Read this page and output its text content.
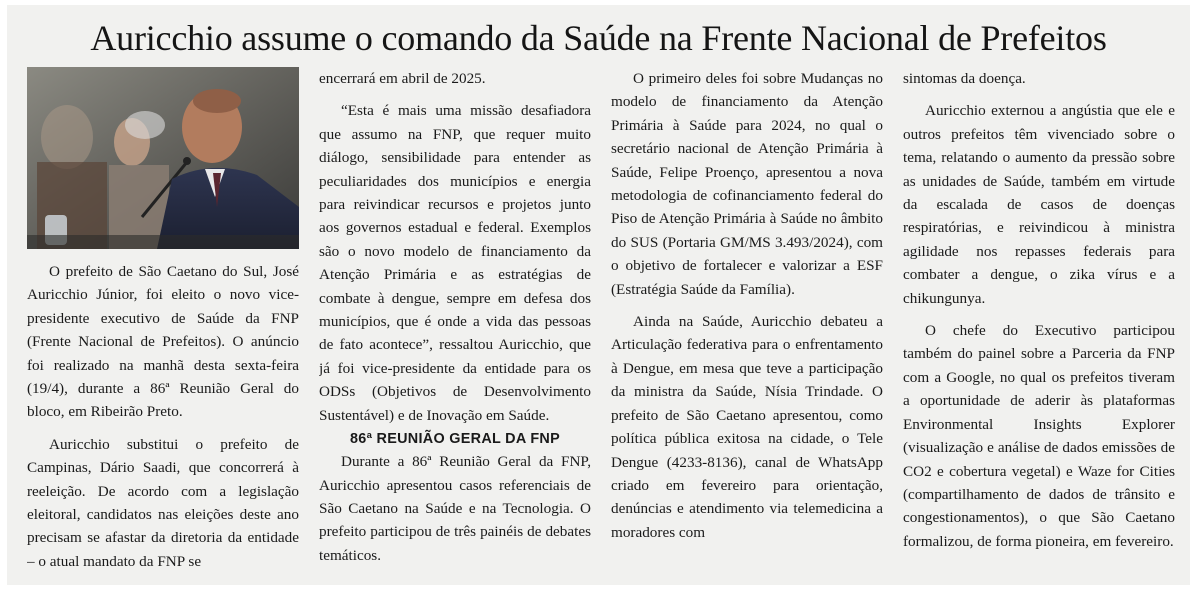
Auricchio assume o comando da Saúde na Frente Nacional de Prefeitos

O prefeito de São Caetano do Sul, José Auricchio Júnior, foi eleito o novo vice-presidente executivo de Saúde da FNP (Frente Nacional de Prefeitos). O anúncio foi realizado na manhã desta sexta-feira (19/4), durante a 86ª Reunião Geral do bloco, em Ribeirão Preto.

Auricchio substitui o prefeito de Campinas, Dário Saadi, que concorrerá à reeleição. De acordo com a legislação eleitoral, candidatos nas eleições deste ano precisam se afastar da diretoria da entidade – o atual mandato da FNP se

encerrará em abril de 2025.

“Esta é mais uma missão desafiadora que assumo na FNP, que requer muito diálogo, sensibilidade para entender as peculiaridades dos municípios e energia para reivindicar recursos e projetos junto aos governos estadual e federal. Exemplos são o novo modelo de financiamento da Atenção Primária e as estratégias de combate à dengue, sempre em defesa dos municípios, que é onde a vida das pessoas de fato acontece”, ressaltou Auricchio, que já foi vice-presidente da entidade para os ODSs (Objetivos de Desenvolvimento Sustentável) e de Inovação em Saúde.

86ª REUNIÃO GERAL DA FNP

Durante a 86ª Reunião Geral da FNP, Auricchio apresentou casos referenciais de São Caetano na Saúde e na Tecnologia. O prefeito participou de três painéis de debates temáticos.

O primeiro deles foi sobre Mudanças no modelo de financiamento da Atenção Primária à Saúde para 2024, no qual o secretário nacional de Atenção Primária à Saúde, Felipe Proenço, apresentou a nova metodologia de cofinanciamento federal do Piso de Atenção Primária à Saúde no âmbito do SUS (Portaria GM/MS 3.493/2024), com o objetivo de fortalecer e valorizar a ESF (Estratégia Saúde da Família).

Ainda na Saúde, Auricchio debateu a Articulação federativa para o enfrentamento à Dengue, em mesa que teve a participação da ministra da Saúde, Nísia Trindade. O prefeito de São Caetano apresentou, como política pública exitosa na cidade, o Tele Dengue (4233-8136), canal de WhatsApp criado em fevereiro para orientação, denúncias e atendimento via telemedicina a moradores com

sintomas da doença.

Auricchio externou a angústia que ele e outros prefeitos têm vivenciado sobre o tema, relatando o aumento da pressão sobre as unidades de Saúde, também em virtude da escalada de casos de doenças respiratórias, e reivindicou à ministra agilidade nos repasses federais para combater a dengue, o zika vírus e a chikungunya.

O chefe do Executivo participou também do painel sobre a Parceria da FNP com a Google, no qual os prefeitos tiveram a oportunidade de aderir às plataformas Environmental Insights Explorer (visualização e análise de dados emissões de CO2 e cobertura vegetal) e Waze for Cities (compartilhamento de dados de trânsito e congestionamentos), o que São Caetano formalizou, de forma pioneira, em fevereiro.
